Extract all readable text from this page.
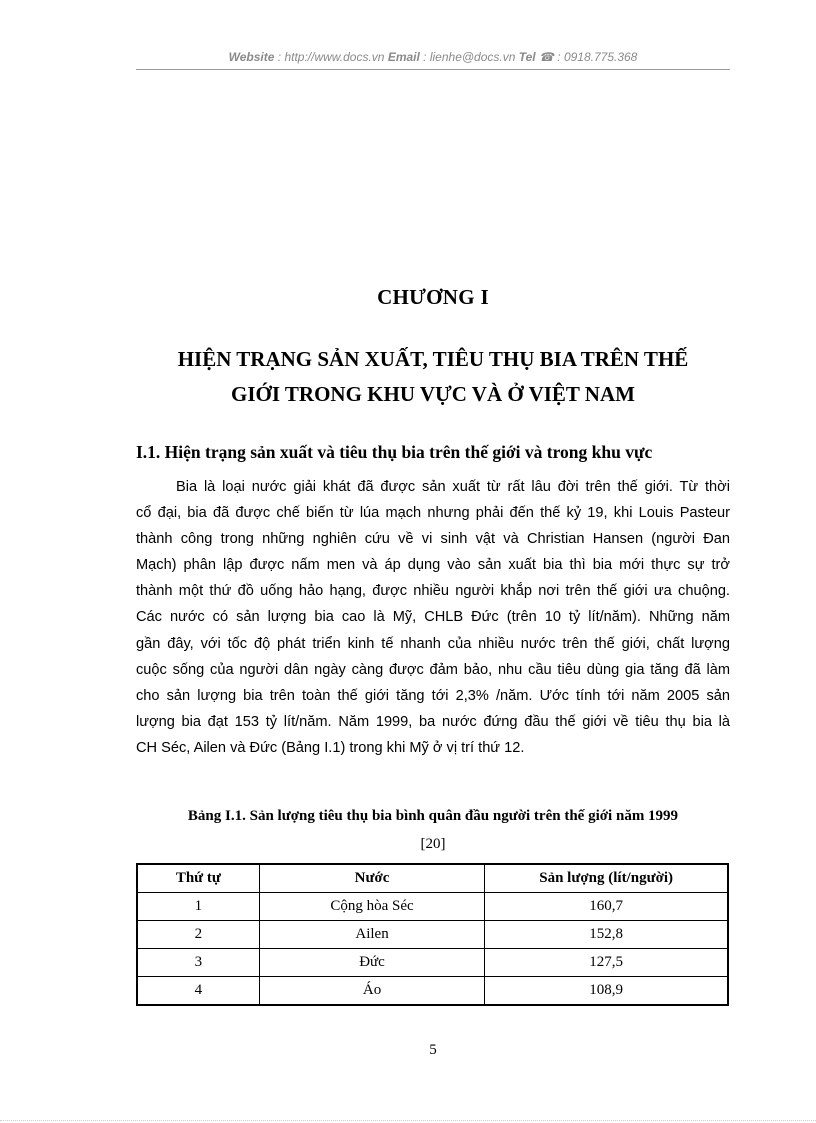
Website : http://www.docs.vn Email : lienhe@docs.vn Tel ☎ : 0918.775.368
CHƯƠNG I
HIỆN TRẠNG SẢN XUẤT, TIÊU THỤ BIA TRÊN THẾ
GIỚI TRONG KHU VỰC VÀ Ở VIỆT NAM
I.1. Hiện trạng sản xuất và tiêu thụ bia trên thế giới và trong khu vực
Bia là loại nước giải khát đã được sản xuất từ rất lâu đời trên thế giới. Từ thời
cổ đại, bia đã được chế biến từ lúa mạch nhưng phải đến thế kỷ 19, khi Louis Pasteur
thành công trong những nghiên cứu về vi sinh vật và Christian Hansen (người Đan
Mạch) phân lập được nấm men và áp dụng vào sản xuất bia thì bia mới thực sự trở
thành một thứ đồ uống hảo hạng, được nhiều người khắp nơi trên thế giới ưa chuộng.
Các nước có sản lượng bia cao là Mỹ, CHLB Đức (trên 10 tỷ lít/năm). Những năm
gần đây, với tốc độ phát triển kinh tế nhanh của nhiều nước trên thế giới, chất lượng
cuộc sống của người dân ngày càng được đảm bảo, nhu cầu tiêu dùng gia tăng đã làm
cho sản lượng bia trên toàn thế giới tăng tới 2,3% /năm. Ước tính tới năm 2005 sản
lượng bia đạt 153 tỷ lít/năm. Năm 1999, ba nước đứng đầu thế giới về tiêu thụ bia là
CH Séc, Ailen và Đức (Bảng I.1) trong khi Mỹ ở vị trí thứ 12.
Bảng I.1. Sản lượng tiêu thụ bia bình quân đầu người trên thế giới năm 1999
[20]
Thứ tự	Nước	Sản lượng (lít/người)
1	Cộng hòa Séc	160,7
2	Ailen	152,8
3	Đức	127,5
4	Áo	108,9
5
